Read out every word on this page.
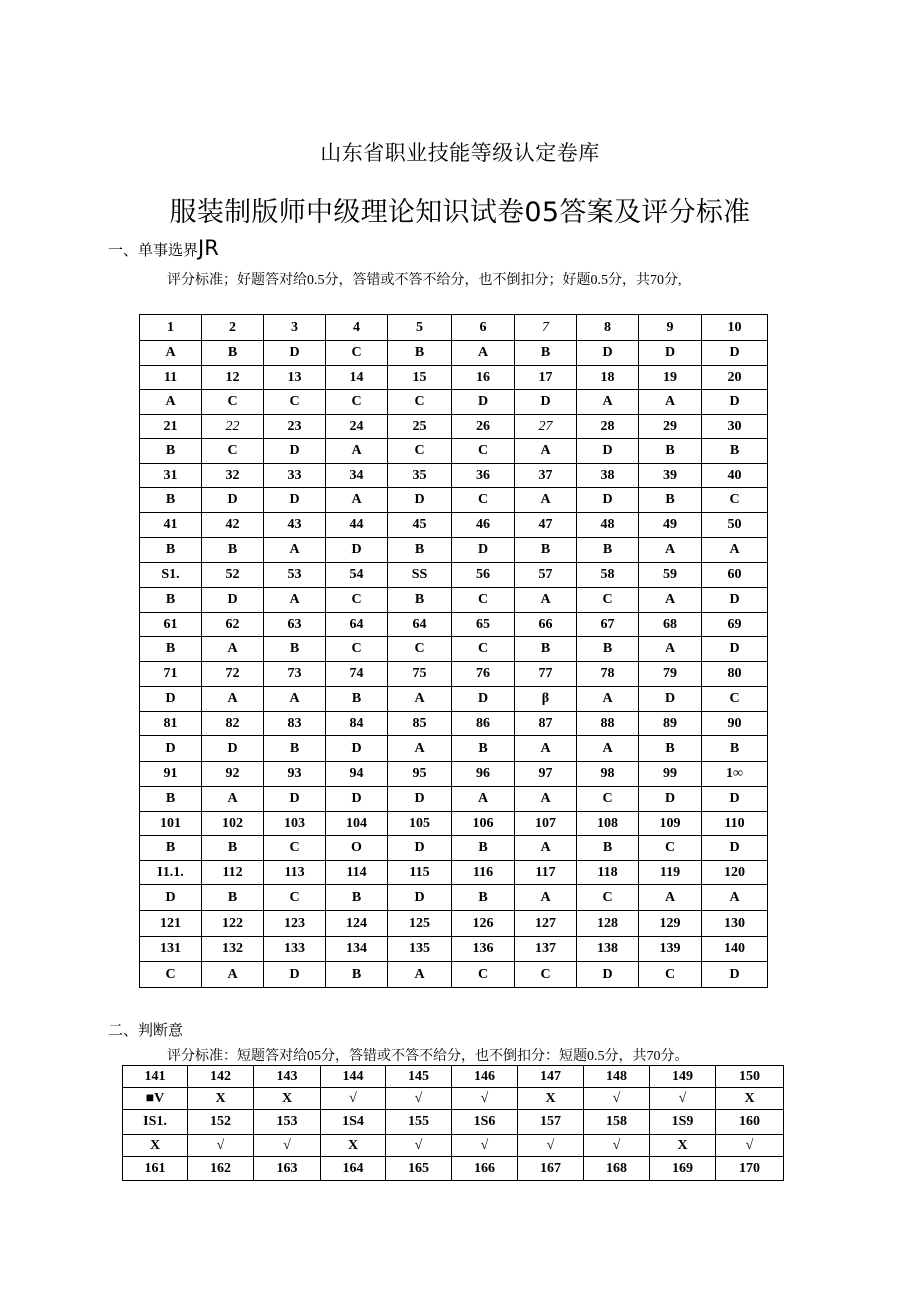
山东省职业技能等级认定卷库
服装制版师中级理论知识试卷05答案及评分标准
一、单事选界JR
评分标准；好题答对给0.5分，答错或不答不给分，也不倒扣分；好题0.5分，共70分,
1	2	3	4	5	6	7	8	9	10
A	B	D	C	B	A	B	D	D	D
11	12	13	14	15	16	17	18	19	20
A	C	C	C	C	D	D	A	A	D
21	22	23	24	25	26	27	28	29	30
B	C	D	A	C	C	A	D	B	B
31	32	33	34	35	36	37	38	39	40
B	D	D	A	D	C	A	D	B	C
41	42	43	44	45	46	47	48	49	50
B	B	A	D	B	D	B	B	A	A
S1.	52	53	54	SS	56	57	58	59	60
B	D	A	C	B	C	A	C	A	D
61	62	63	64	64	65	66	67	68	69
B	A	B	C	C	C	B	B	A	D
71	72	73	74	75	76	77	78	79	80
D	A	A	B	A	D	β	A	D	C
81	82	83	84	85	86	87	88	89	90
D	D	B	D	A	B	A	A	B	B
91	92	93	94	95	96	97	98	99	1∞
B	A	D	D	D	A	A	C	D	D
101	102	103	104	105	106	107	108	109	110
B	B	C	O	D	B	A	B	C	D
I1.1.	112	113	114	115	116	117	118	119	120
D	B	C	B	D	B	A	C	A	A
121	122	123	124	125	126	127	128	129	130
131	132	133	134	135	136	137	138	139	140
C	A	D	B	A	C	C	D	C	D
二、判断意
评分标准：短题答对给05分，答错或不答不给分，也不倒扣分：短题0.5分，共70分。
141	142	143	144	145	146	147	148	149	150
■V	X	X	√	√	√	X	√	√	X
IS1.	152	153	1S4	155	1S6	157	158	1S9	160
X	√	√	X	√	√	√	√	X	√
161	162	163	164	165	166	167	168	169	170
